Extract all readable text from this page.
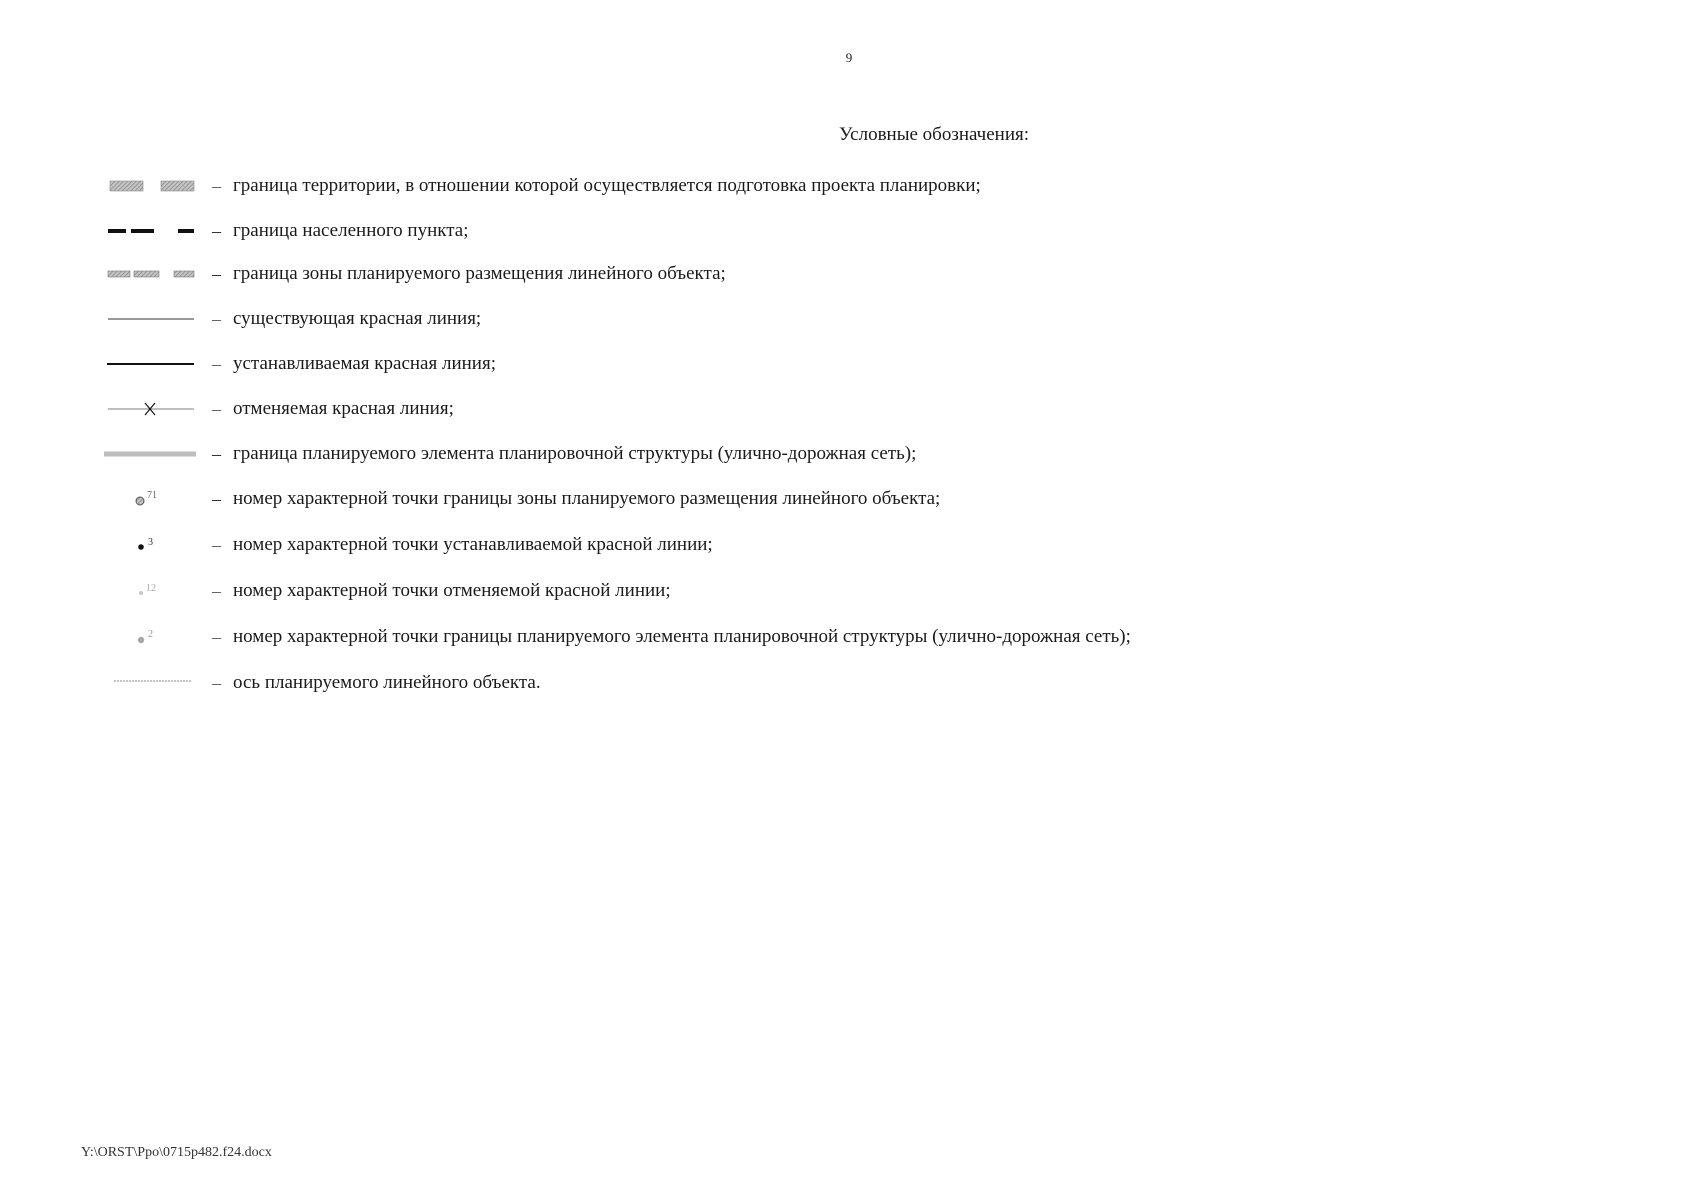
9
Условные обозначения:
– граница территории, в отношении которой осуществляется подготовка проекта планировки;
– граница населенного пункта;
– граница зоны планируемого размещения линейного объекта;
– существующая красная линия;
– устанавливаемая красная линия;
– отменяемая красная линия;
– граница планируемого элемента планировочной структуры (улично-дорожная сеть);
71	– номер характерной точки границы зоны планируемого размещения линейного объекта;
3	– номер характерной точки устанавливаемой красной линии;
12	– номер характерной точки отменяемой красной линии;
2	– номер характерной точки границы планируемого элемента планировочной структуры (улично-дорожная сеть);
– ось планируемого линейного объекта.
Y:\ORST\Ppo\0715p482.f24.docx
